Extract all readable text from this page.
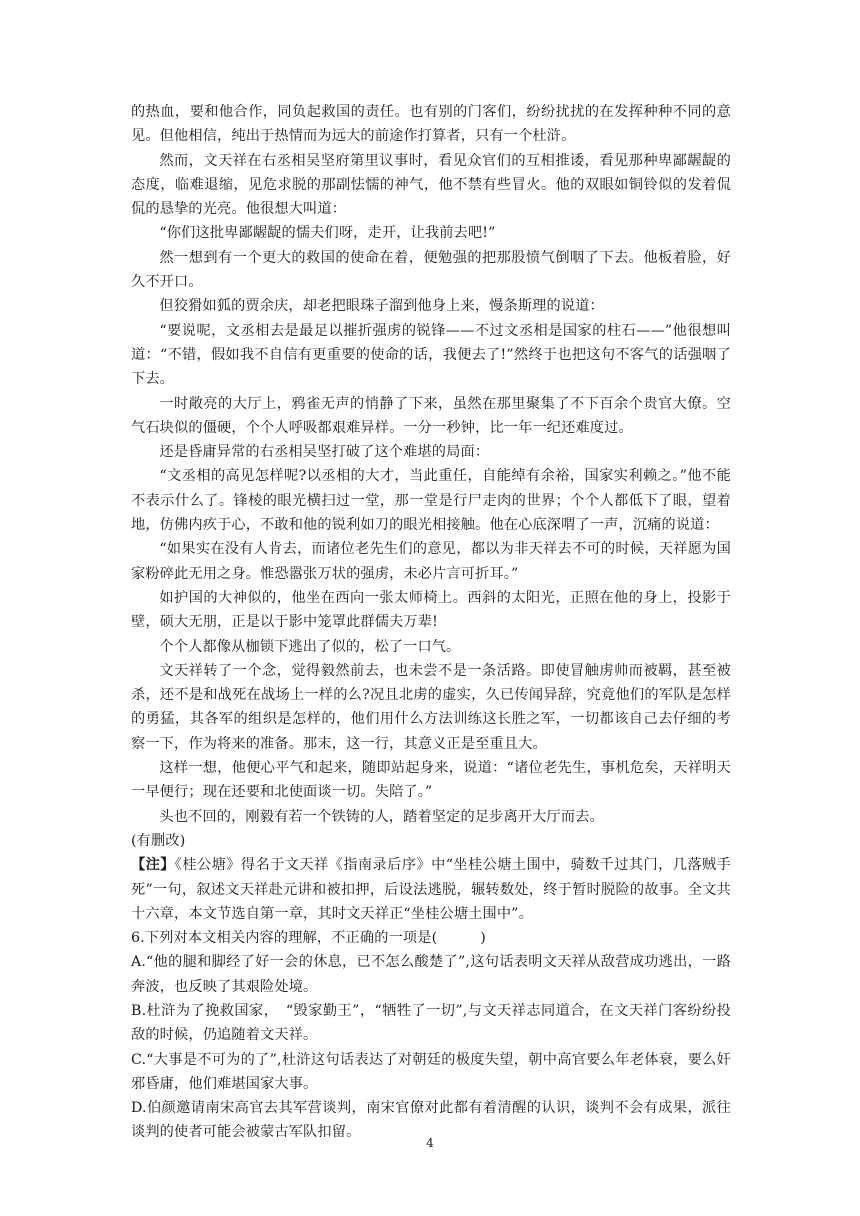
的热血，要和他合作，同负起救国的责任。也有别的门客们，纷纷扰扰的在发挥种种不同的意见。但他相信，纯出于热情而为远大的前途作打算者，只有一个杜浒。

然而，文天祥在右丞相吴坚府第里议事时，看见众官们的互相推诿，看见那种卑鄙龌龊的态度，临难退缩，见危求脱的那副怯懦的神气，他不禁有些冒火。他的双眼如铜铃似的发着侃侃的恳挚的光亮。他很想大叫道：

“你们这批卑鄙龌龊的懦夫们呀，走开，让我前去吧!”

然一想到有一个更大的救国的使命在着，便勉强的把那股愤气倒咽了下去。他板着脸，好久不开口。

但狡猾如狐的贾余庆，却老把眼珠子溜到他身上来，慢条斯理的说道：

“要说呢，文丞相去是最足以摧折强虏的锐锋——不过文丞相是国家的柱石——”他很想叫道：“不错，假如我不自信有更重要的使命的话，我便去了!”然终于也把这句不客气的话强咽了下去。

一时敞亮的大厅上，鸦雀无声的悄静了下来，虽然在那里聚集了不下百余个贵官大僚。空气石块似的僵硬，个个人呼吸都艰难异样。一分一秒钟，比一年一纪还难度过。

还是昏庸异常的右丞相吴坚打破了这个难堪的局面：

“文丞相的高见怎样呢?以丞相的大才，当此重任，自能绰有余裕，国家实利赖之。”他不能不表示什么了。锋棱的眼光横扫过一堂，那一堂是行尸走肉的世界；个个人都低下了眼，望着地，仿佛内疚于心，不敢和他的锐利如刀的眼光相接触。他在心底深喟了一声，沉痛的说道：

“如果实在没有人肯去，而诸位老先生们的意见，都以为非天祥去不可的时候，天祥愿为国家粉碎此无用之身。惟恐嚣张万状的强虏，未必片言可折耳。”

如护国的大神似的，他坐在西向一张太师椅上。西斜的太阳光，正照在他的身上，投影于壁，硕大无朋，正是以于影中笼罩此群儒夫万辈!

个个人都像从枷锁下逃出了似的，松了一口气。

文天祥转了一个念，觉得毅然前去，也未尝不是一条活路。即使冒触虏帅而被羁，甚至被杀，还不是和战死在战场上一样的么?况且北虏的虚实，久已传闻异辞，究竟他们的军队是怎样的勇猛，其各军的组织是怎样的，他们用什么方法训练这长胜之军，一切都该自己去仔细的考察一下，作为将来的准备。那末，这一行，其意义正是至重且大。

这样一想，他便心平气和起来，随即站起身来，说道：“诸位老先生，事机危矣，天祥明天一早便行；现在还要和北使面谈一切。失陪了。”

头也不回的，刚毅有若一个铁铸的人，踏着坚定的足步离开大厅而去。

(有删改)

【注】《桂公塘》得名于文天祥《指南录后序》中“坐桂公塘土围中，骑数千过其门，几落贼手死”一句，叙述文天祥赴元讲和被扣押，后设法逃脱，辗转数处，终于暂时脱险的故事。全文共十六章，本文节选自第一章，其时文天祥正“坐桂公塘土围中”。

6.下列对本文相关内容的理解，不正确的一项是(　　　)

A.“他的腿和脚经了好一会的休息，已不怎么酸楚了”,这句话表明文天祥从敌营成功逃出，一路奔波，也反映了其艰险处境。

B.杜浒为了挽救国家，　“毁家勤王”，“牺牲了一切”,与文天祥志同道合，在文天祥门客纷纷投敌的时候，仍追随着文天祥。

C.“大事是不可为的了”,杜浒这句话表达了对朝廷的极度失望，朝中高官要么年老体衰，要么奸邪昏庸，他们难堪国家大事。

D.伯颜邀请南宋高官去其军营谈判，南宋官僚对此都有着清醒的认识，谈判不会有成果，派往谈判的使者可能会被蒙古军队扣留。

4
